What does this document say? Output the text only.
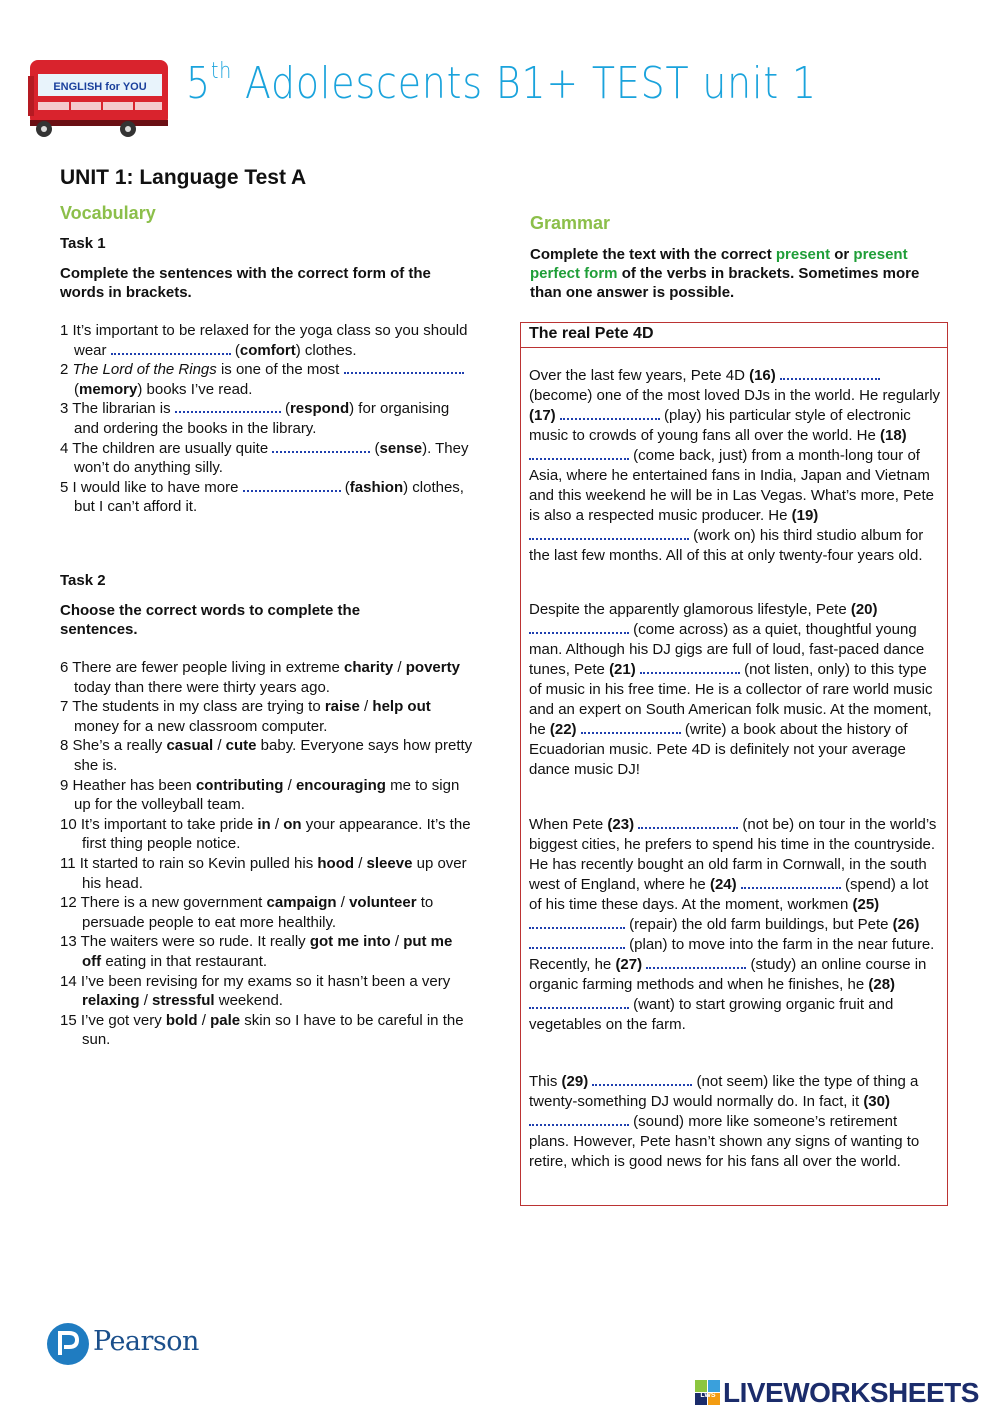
ENGLISH for YOU 5th Adolescents B1+ TEST unit 1
UNIT 1: Language Test A
Vocabulary
Task 1
Complete the sentences with the correct form of the words in brackets.
1 It’s important to be relaxed for the yoga class so you should wear	(comfort) clothes.
2 The Lord of the Rings is one of the most  (memory) books I’ve read.
3 The librarian is	(respond) for organising and ordering the books in the library.
4 The children are usually quite	(sense). They won’t do anything silly.
5 I would like to have more	(fashion) clothes, but I can’t afford it.
Task 2
Choose the correct words to complete the sentences.
6 There are fewer people living in extreme charity / poverty today than there were thirty years ago.
7 The students in my class are trying to raise / help out money for a new classroom computer.
8 She’s a really casual / cute baby. Everyone says how pretty she is.
9 Heather has been contributing / encouraging me to sign up for the volleyball team.
10 It’s important to take pride in / on your appearance. It’s the first thing people notice.
11 It started to rain so Kevin pulled his hood / sleeve up over his head.
12 There is a new government campaign / volunteer to persuade people to eat more healthily.
13 The waiters were so rude. It really got me into / put me off eating in that restaurant.
14 I’ve been revising for my exams so it hasn’t been a very relaxing / stressful weekend.
15 I’ve got very bold / pale skin so I have to be careful in the sun.
Grammar
Complete the text with the correct present or present perfect form of the verbs in brackets. Sometimes more than one answer is possible.
The real Pete 4D
Over the last few years, Pete 4D (16)  (become) one of the most loved DJs in the world. He regularly (17)	(play) his particular style of electronic music to crowds of young fans all over the world. He (18)  (come back, just) from a month-long tour of Asia, where he entertained fans in India, Japan and Vietnam and this weekend he will be in Las Vegas. What’s more, Pete is also a respected music producer. He (19)  (work on) his third studio album for the last few months. All of this at only twenty-four years old.
Despite the apparently glamorous lifestyle, Pete (20)  (come across) as a quiet, thoughtful young man. Although his DJ gigs are full of loud, fast-paced dance tunes, Pete (21)	(not listen, only) to this type of music in his free time. He is a collector of rare world music and an expert on South American folk music. At the moment, he (22)	(write) a book about the history of Ecuadorian music. Pete 4D is definitely not your average dance music DJ!
When Pete (23)	(not be) on tour in the world’s biggest cities, he prefers to spend his time in the countryside. He has recently bought an old farm in Cornwall, in the south west of England, where he (24)	(spend) a lot of his time these days. At the moment, workmen (25)  (repair) the old farm buildings, but Pete (26)  (plan) to move into the farm in the near future. Recently, he (27)	(study) an online course in organic farming methods and when he finishes, he (28)  (want) to start growing organic fruit and vegetables on the farm.
This (29)	(not seem) like the type of thing a twenty-something DJ would normally do. In fact, it (30)  (sound) more like someone’s retirement plans. However, Pete hasn’t shown any signs of wanting to retire, which is good news for his fans all over the world.
Pearson
LWS LIVEWORKSHEETS
